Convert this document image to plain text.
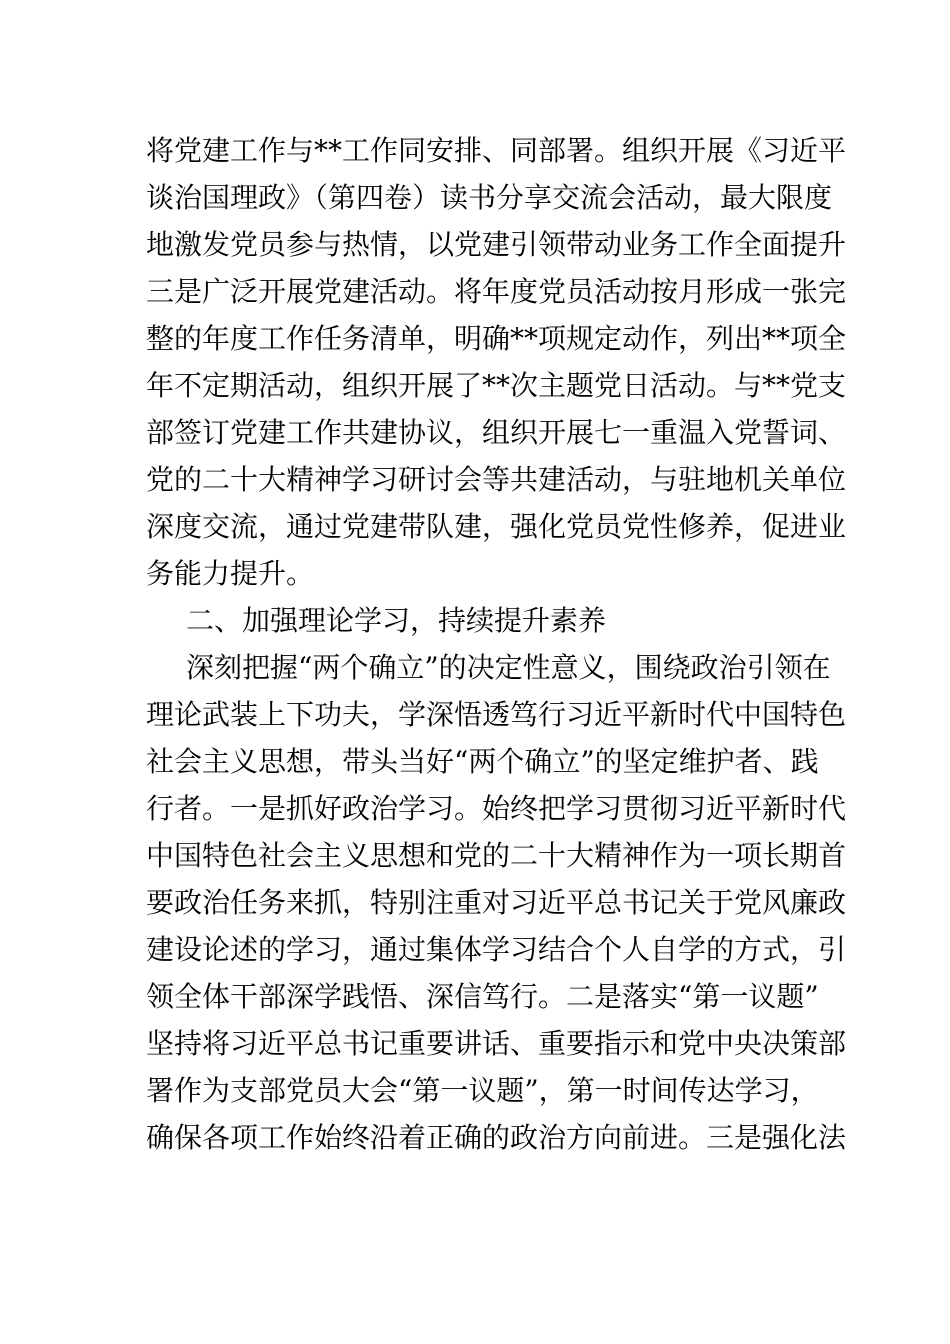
将党建工作与**工作同安排、同部署。组织开展《习近平
谈治国理政》（第四卷）读书分享交流会活动，最大限度
地激发党员参与热情，以党建引领带动业务工作全面提升
三是广泛开展党建活动。将年度党员活动按月形成一张完
整的年度工作任务清单，明确**项规定动作，列出**项全
年不定期活动，组织开展了**次主题党日活动。与**党支
部签订党建工作共建协议，组织开展七一重温入党誓词、
党的二十大精神学习研讨会等共建活动，与驻地机关单位
深度交流，通过党建带队建，强化党员党性修养，促进业
务能力提升。
二、加强理论学习，持续提升素养
深刻把握“两个确立”的决定性意义，围绕政治引领在
理论武装上下功夫，学深悟透笃行习近平新时代中国特色
社会主义思想，带头当好“两个确立”的坚定维护者、践
行者。一是抓好政治学习。始终把学习贯彻习近平新时代
中国特色社会主义思想和党的二十大精神作为一项长期首
要政治任务来抓，特别注重对习近平总书记关于党风廉政
建设论述的学习，通过集体学习结合个人自学的方式，引
领全体干部深学践悟、深信笃行。二是落实“第一议题”
坚持将习近平总书记重要讲话、重要指示和党中央决策部
署作为支部党员大会“第一议题”，第一时间传达学习，
确保各项工作始终沿着正确的政治方向前进。三是强化法
